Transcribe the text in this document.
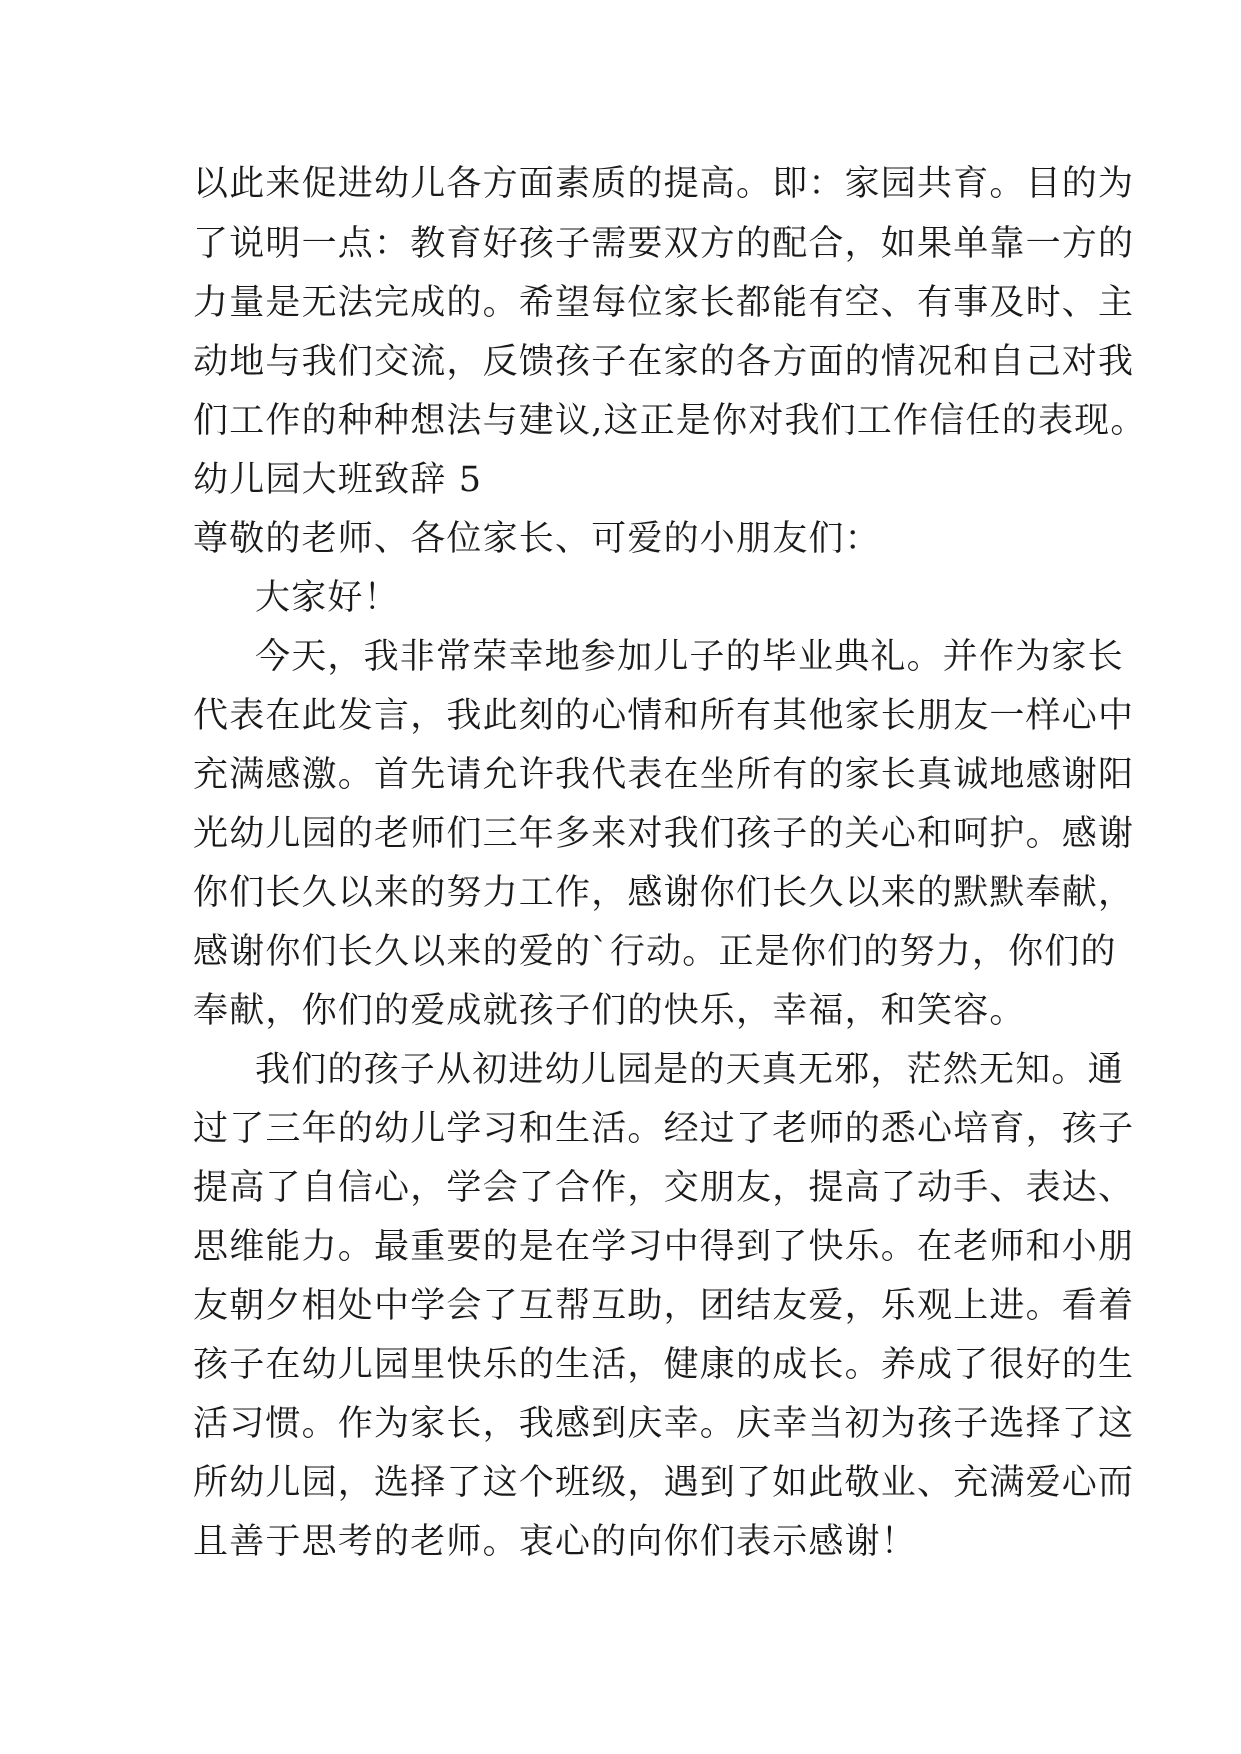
以此来促进幼儿各方面素质的提高。即：家园共育。目的为
了说明一点：教育好孩子需要双方的配合，如果单靠一方的
力量是无法完成的。希望每位家长都能有空、有事及时、主
动地与我们交流，反馈孩子在家的各方面的情况和自己对我
们工作的种种想法与建议,这正是你对我们工作信任的表现。
幼儿园大班致辞 5
尊敬的老师、各位家长、可爱的小朋友们：
大家好！
今天，我非常荣幸地参加儿子的毕业典礼。并作为家长
代表在此发言，我此刻的心情和所有其他家长朋友一样心中
充满感激。首先请允许我代表在坐所有的家长真诚地感谢阳
光幼儿园的老师们三年多来对我们孩子的关心和呵护。感谢
你们长久以来的努力工作，感谢你们长久以来的默默奉献，
感谢你们长久以来的爱的`行动。正是你们的努力，你们的
奉献，你们的爱成就孩子们的快乐，幸福，和笑容。
我们的孩子从初进幼儿园是的天真无邪，茫然无知。通
过了三年的幼儿学习和生活。经过了老师的悉心培育，孩子
提高了自信心，学会了合作，交朋友，提高了动手、表达、
思维能力。最重要的是在学习中得到了快乐。在老师和小朋
友朝夕相处中学会了互帮互助，团结友爱，乐观上进。看着
孩子在幼儿园里快乐的生活，健康的成长。养成了很好的生
活习惯。作为家长，我感到庆幸。庆幸当初为孩子选择了这
所幼儿园，选择了这个班级，遇到了如此敬业、充满爱心而
且善于思考的老师。衷心的向你们表示感谢！
